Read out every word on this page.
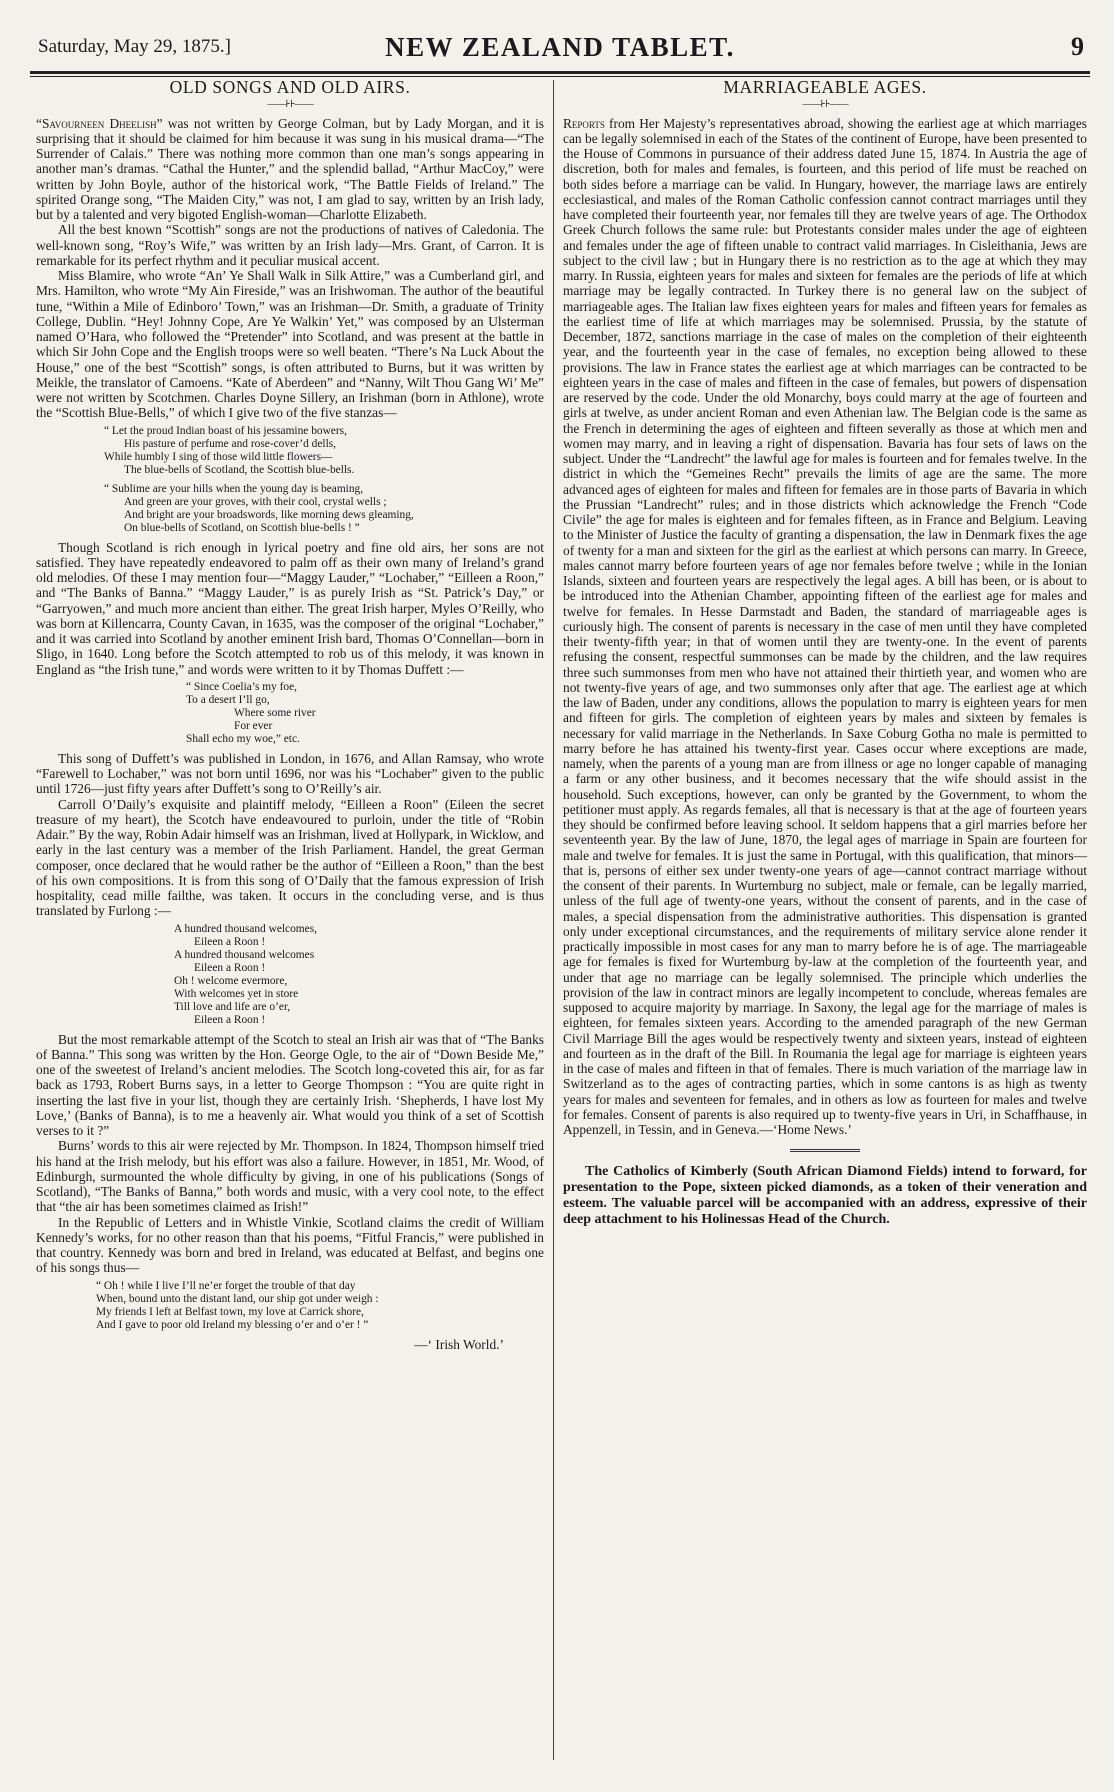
Saturday, May 29, 1875.]	NEW ZEALAND TABLET.	9
OLD SONGS AND OLD AIRS.
——⊦⊦——

“Savourneen Dheelish” was not written by George Colman, but by Lady Morgan, and it is surprising that it should be claimed for him because it was sung in his musical drama—“The Surrender of Calais.” There was nothing more common than one man’s songs appearing in another man’s dramas. “Cathal the Hunter,” and the splendid ballad, “Arthur MacCoy,” were written by John Boyle, author of the historical work, “The Battle Fields of Ireland.” The spirited Orange song, “The Maiden City,” was not, I am glad to say, written by an Irish lady, but by a talented and very bigoted English-woman—Charlotte Elizabeth.

All the best known “Scottish” songs are not the productions of natives of Caledonia. The well-known song, “Roy’s Wife,” was written by an Irish lady—Mrs. Grant, of Carron. It is remarkable for its perfect rhythm and it peculiar musical accent.

Miss Blamire, who wrote “An’ Ye Shall Walk in Silk Attire,” was a Cumberland girl, and Mrs. Hamilton, who wrote “My Ain Fireside,” was an Irishwoman. The author of the beautiful tune, “Within a Mile of Edinboro’ Town,” was an Irishman—Dr. Smith, a graduate of Trinity College, Dublin. “Hey! Johnny Cope, Are Ye Walkin’ Yet,” was composed by an Ulsterman named O’Hara, who followed the “Pretender” into Scotland, and was present at the battle in which Sir John Cope and the English troops were so well beaten. “There’s Na Luck About the House,” one of the best “Scottish” songs, is often attributed to Burns, but it was written by Meikle, the translator of Camoens. “Kate of Aberdeen” and “Nanny, Wilt Thou Gang Wi’ Me” were not written by Scotchmen. Charles Doyne Sillery, an Irishman (born in Athlone), wrote the “Scottish Blue-Bells,” of which I give two of the five stanzas—

“ Let the proud Indian boast of his jessamine bowers,
His pasture of perfume and rose-cover’d dells,
While humbly I sing of those wild little flowers—
The blue-bells of Scotland, the Scottish blue-bells.
“ Sublime are your hills when the young day is beaming,
And green are your groves, with their cool, crystal wells ;
And bright are your broadswords, like morning dews gleaming,
On blue-bells of Scotland, on Scottish blue-bells ! ”

Though Scotland is rich enough in lyrical poetry and fine old airs, her sons are not satisfied. They have repeatedly endeavored to palm off as their own many of Ireland’s grand old melodies. Of these I may mention four—“Maggy Lauder,” “Lochaber,” “Eilleen a Roon,” and “The Banks of Banna.” “Maggy Lauder,” is as purely Irish as “St. Patrick’s Day,” or “Garryowen,” and much more ancient than either. The great Irish harper, Myles O’Reilly, who was born at Killencarra, County Cavan, in 1635, was the composer of the original “Lochaber,” and it was carried into Scotland by another eminent Irish bard, Thomas O’Connellan—born in Sligo, in 1640. Long before the Scotch attempted to rob us of this melody, it was known in England as “the Irish tune,” and words were written to it by Thomas Duffett :—

“ Since Coelia’s my foe,
To a desert I’ll go,
Where some river
For ever
Shall echo my woe,” etc.

This song of Duffett’s was published in London, in 1676, and Allan Ramsay, who wrote “Farewell to Lochaber,” was not born until 1696, nor was his “Lochaber” given to the public until 1726—just fifty years after Duffett’s song to O’Reilly’s air.

Carroll O’Daily’s exquisite and plaintiff melody, “Eilleen a Roon” (Eileen the secret treasure of my heart), the Scotch have endeavoured to purloin, under the title of “Robin Adair.” By the way, Robin Adair himself was an Irishman, lived at Hollypark, in Wicklow, and early in the last century was a member of the Irish Parliament. Handel, the great German composer, once declared that he would rather be the author of “Eilleen a Roon,” than the best of his own compositions. It is from this song of O’Daily that the famous expression of Irish hospitality, cead mille failthe, was taken. It occurs in the concluding verse, and is thus translated by Furlong :—

A hundred thousand welcomes,
Eileen a Roon !
A hundred thousand welcomes
Eileen a Roon !
Oh ! welcome evermore,
With welcomes yet in store
Till love and life are o’er,
Eileen a Roon !

But the most remarkable attempt of the Scotch to steal an Irish air was that of “The Banks of Banna.” This song was written by the Hon. George Ogle, to the air of “Down Beside Me,” one of the sweetest of Ireland’s ancient melodies. The Scotch long-coveted this air, for as far back as 1793, Robert Burns says, in a letter to George Thompson : “You are quite right in inserting the last five in your list, though they are certainly Irish. ‘Shepherds, I have lost My Love,’ (Banks of Banna), is to me a heavenly air. What would you think of a set of Scottish verses to it ?”

Burns’ words to this air were rejected by Mr. Thompson. In 1824, Thompson himself tried his hand at the Irish melody, but his effort was also a failure. However, in 1851, Mr. Wood, of Edinburgh, surmounted the whole difficulty by giving, in one of his publications (Songs of Scotland), “The Banks of Banna,” both words and music, with a very cool note, to the effect that “the air has been sometimes claimed as Irish!”

In the Republic of Letters and in Whistle Vinkie, Scotland claims the credit of William Kennedy’s works, for no other reason than that his poems, “Fitful Francis,” were published in that country. Kennedy was born and bred in Ireland, was educated at Belfast, and begins one of his songs thus—

“ Oh ! while I live I’ll ne’er forget the trouble of that day
When, bound unto the distant land, our ship got under weigh :
My friends I left at Belfast town, my love at Carrick shore,
And I gave to poor old Ireland my blessing o’er and o’er ! ”
—‘ Irish World.’
MARRIAGEABLE AGES.
——⊦⊦——

Reports from Her Majesty’s representatives abroad, showing the earliest age at which marriages can be legally solemnised in each of the States of the continent of Europe, have been presented to the House of Commons in pursuance of their address dated June 15, 1874. In Austria the age of discretion, both for males and females, is fourteen, and this period of life must be reached on both sides before a marriage can be valid. In Hungary, however, the marriage laws are entirely ecclesiastical, and males of the Roman Catholic confession cannot contract marriages until they have completed their fourteenth year, nor females till they are twelve years of age. The Orthodox Greek Church follows the same rule: but Protestants consider males under the age of eighteen and females under the age of fifteen unable to contract valid marriages. In Cisleithania, Jews are subject to the civil law ; but in Hungary there is no restriction as to the age at which they may marry. In Russia, eighteen years for males and sixteen for females are the periods of life at which marriage may be legally contracted. In Turkey there is no general law on the subject of marriageable ages. The Italian law fixes eighteen years for males and fifteen years for females as the earliest time of life at which marriages may be solemnised. Prussia, by the statute of December, 1872, sanctions marriage in the case of males on the completion of their eighteenth year, and the fourteenth year in the case of females, no exception being allowed to these provisions. The law in France states the earliest age at which marriages can be contracted to be eighteen years in the case of males and fifteen in the case of females, but powers of dispensation are reserved by the code. Under the old Monarchy, boys could marry at the age of fourteen and girls at twelve, as under ancient Roman and even Athenian law. The Belgian code is the same as the French in determining the ages of eighteen and fifteen severally as those at which men and women may marry, and in leaving a right of dispensation. Bavaria has four sets of laws on the subject. Under the “Landrecht” the lawful age for males is fourteen and for females twelve. In the district in which the “Gemeines Recht” prevails the limits of age are the same. The more advanced ages of eighteen for males and fifteen for females are in those parts of Bavaria in which the Prussian “Landrecht” rules; and in those districts which acknowledge the French “Code Civile” the age for males is eighteen and for females fifteen, as in France and Belgium. Leaving to the Minister of Justice the faculty of granting a dispensation, the law in Denmark fixes the age of twenty for a man and sixteen for the girl as the earliest at which persons can marry. In Greece, males cannot marry before fourteen years of age nor females before twelve ; while in the Ionian Islands, sixteen and fourteen years are respectively the legal ages. A bill has been, or is about to be introduced into the Athenian Chamber, appointing fifteen of the earliest age for males and twelve for females. In Hesse Darmstadt and Baden, the standard of marriageable ages is curiously high. The consent of parents is necessary in the case of men until they have completed their twenty-fifth year; in that of women until they are twenty-one. In the event of parents refusing the consent, respectful summonses can be made by the children, and the law requires three such summonses from men who have not attained their thirtieth year, and women who are not twenty-five years of age, and two summonses only after that age. The earliest age at which the law of Baden, under any conditions, allows the population to marry is eighteen years for men and fifteen for girls. The completion of eighteen years by males and sixteen by females is necessary for valid marriage in the Netherlands. In Saxe Coburg Gotha no male is permitted to marry before he has attained his twenty-first year. Cases occur where exceptions are made, namely, when the parents of a young man are from illness or age no longer capable of managing a farm or any other business, and it becomes necessary that the wife should assist in the household. Such exceptions, however, can only be granted by the Government, to whom the petitioner must apply. As regards females, all that is necessary is that at the age of fourteen years they should be confirmed before leaving school. It seldom happens that a girl marries before her seventeenth year. By the law of June, 1870, the legal ages of marriage in Spain are fourteen for male and twelve for females. It is just the same in Portugal, with this qualification, that minors—that is, persons of either sex under twenty-one years of age—cannot contract marriage without the consent of their parents. In Wurtemburg no subject, male or female, can be legally married, unless of the full age of twenty-one years, without the consent of parents, and in the case of males, a special dispensation from the administrative authorities. This dispensation is granted only under exceptional circumstances, and the requirements of military service alone render it practically impossible in most cases for any man to marry before he is of age. The marriageable age for females is fixed for Wurtemburg by-law at the completion of the fourteenth year, and under that age no marriage can be legally solemnised. The principle which underlies the provision of the law in contract minors are legally incompetent to conclude, whereas females are supposed to acquire majority by marriage. In Saxony, the legal age for the marriage of males is eighteen, for females sixteen years. According to the amended paragraph of the new German Civil Marriage Bill the ages would be respectively twenty and sixteen years, instead of eighteen and fourteen as in the draft of the Bill. In Roumania the legal age for marriage is eighteen years in the case of males and fifteen in that of females. There is much variation of the marriage law in Switzerland as to the ages of contracting parties, which in some cantons is as high as twenty years for males and seventeen for females, and in others as low as fourteen for males and twelve for females. Consent of parents is also required up to twenty-five years in Uri, in Schaffhause, in Appenzell, in Tessin, and in Geneva.—‘Home News.’

The Catholics of Kimberly (South African Diamond Fields) intend to forward, for presentation to the Pope, sixteen picked diamonds, as a token of their veneration and esteem. The valuable parcel will be accompanied with an address, expressive of their deep attachment to his Holinessas Head of the Church.
